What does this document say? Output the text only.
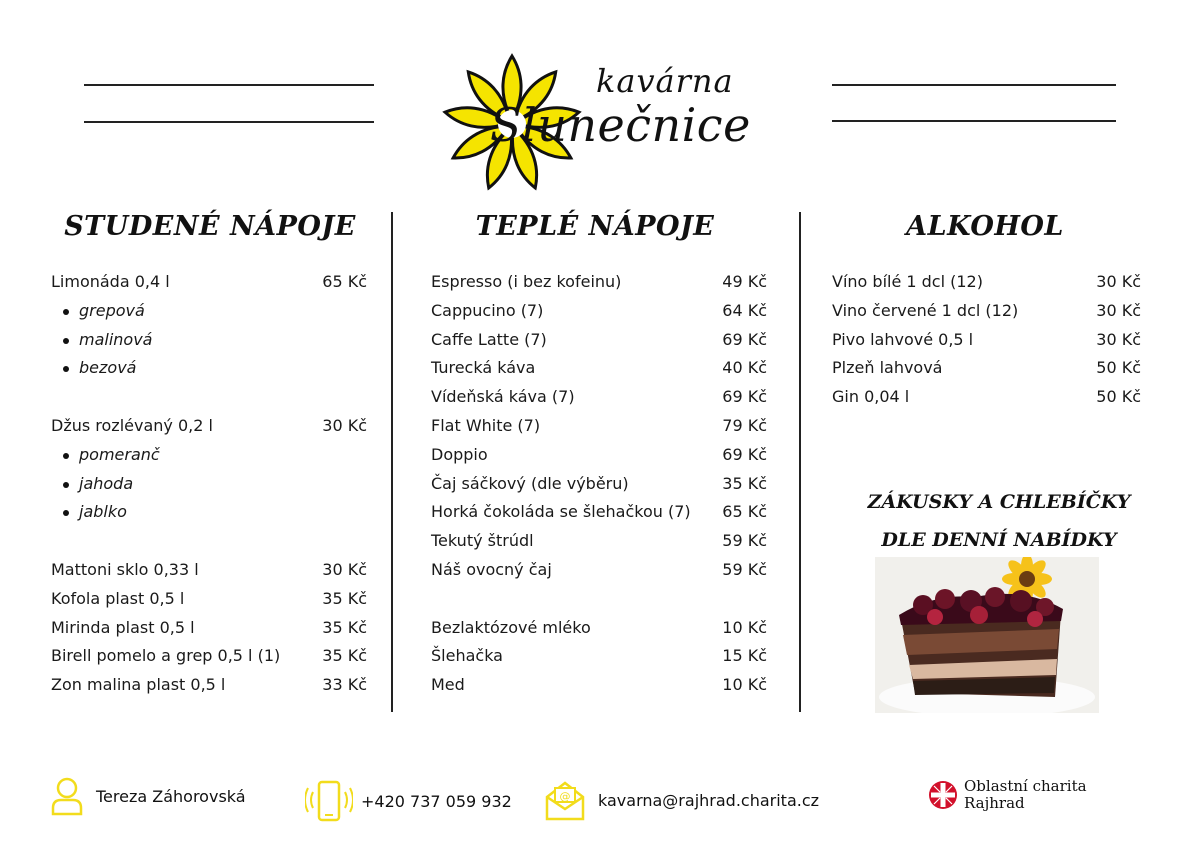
kavárna
Slunečnice
STUDENÉ NÁPOJE	TEPLÉ NÁPOJE	ALKOHOL
Limonáda 0,4 l	65 Kč
grepová
malinová
bezová
Džus rozlévaný 0,2 l	30 Kč
pomeranč
jahoda
jablko
Mattoni sklo 0,33 l	30 Kč
Kofola plast 0,5 l	35 Kč
Mirinda plast 0,5 l	35 Kč
Birell pomelo a grep 0,5 l (1)	35 Kč
Zon malina plast 0,5 l	33 Kč
Espresso (i bez kofeinu)	49 Kč
Cappucino (7)	64 Kč
Caffe Latte (7)	69 Kč
Turecká káva	40 Kč
Vídeňská káva (7)	69 Kč
Flat White (7)	79 Kč
Doppio	69 Kč
Čaj sáčkový (dle výběru)	35 Kč
Horká čokoláda se šlehačkou (7) 65 Kč
Tekutý štrúdl	59 Kč
Náš ovocný čaj	59 Kč
Bezlaktózové mléko	10 Kč
Šlehačka	15 Kč
Med	10 Kč
Víno bílé 1 dcl (12)	30 Kč
Vino červené 1 dcl (12)	30 Kč
Pivo lahvové 0,5 l	30 Kč
Plzeň lahvová	50 Kč
Gin 0,04 l	50 Kč
ZÁKUSKY A CHLEBÍČKY
DLE DENNÍ NABÍDKY
Tereza Záhorovská	+420 737 059 932	@ kavarna@rajhrad.charita.cz
Oblastní charita
Rajhrad
